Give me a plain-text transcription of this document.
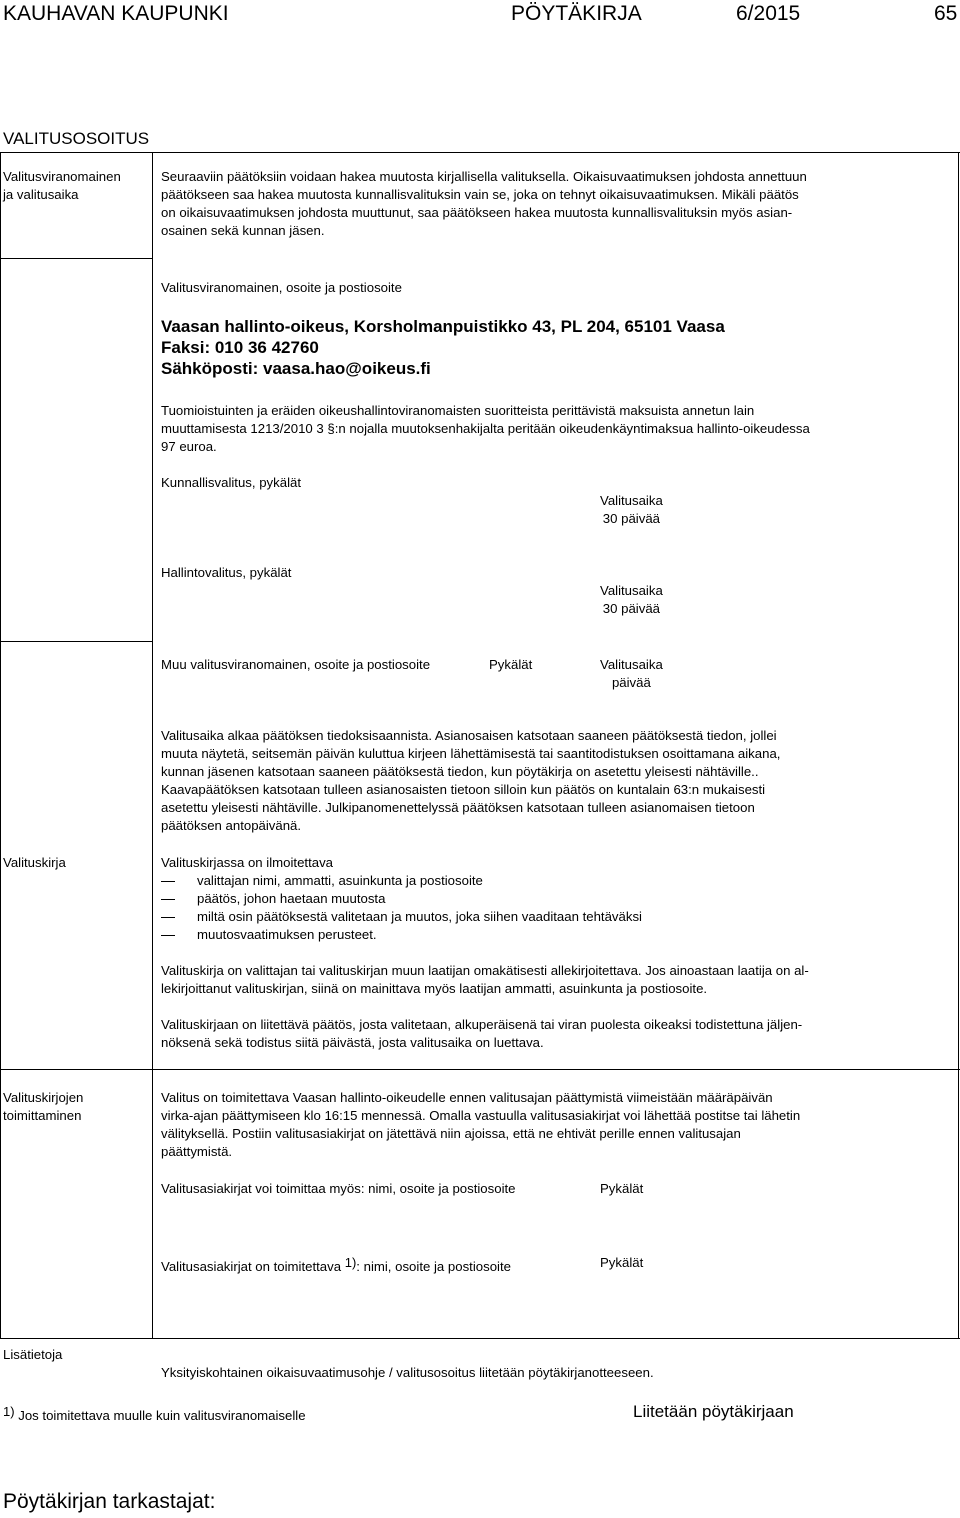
KAUHAVAN KAUPUNKI	PÖYTÄKIRJA	6/2015	65
VALITUSOSOITUS
Valitusviranomainen
ja valitusaika
Seuraaviin päätöksiin voidaan hakea muutosta kirjallisella valituksella. Oikaisuvaatimuksen johdosta annettuun
päätökseen saa hakea muutosta kunnallisvalituksin vain se, joka on tehnyt oikaisuvaatimuksen. Mikäli päätös
on oikaisuvaatimuksen johdosta muuttunut, saa päätökseen hakea muutosta kunnallisvalituksin myös asian-
osainen sekä kunnan jäsen.
Valitusviranomainen, osoite ja postiosoite
Vaasan hallinto-oikeus, Korsholmanpuistikko 43, PL 204, 65101 Vaasa
Faksi: 010 36 42760
Sähköposti: vaasa.hao@oikeus.fi
Tuomioistuinten ja eräiden oikeushallintoviranomaisten suoritteista perittävistä maksuista annetun lain
muuttamisesta 1213/2010 3 §:n nojalla muutoksenhakijalta peritään oikeudenkäyntimaksua hallinto-oikeudessa
97 euroa.
Kunnallisvalitus, pykälät
Valitusaika
30 päivää
Hallintovalitus, pykälät
Valitusaika
30 päivää
Muu valitusviranomainen, osoite ja postiosoite	Pykälät	Valitusaika
päivää
Valitusaika alkaa päätöksen tiedoksisaannista. Asianosaisen katsotaan saaneen päätöksestä tiedon, jollei
muuta näytetä, seitsemän päivän kuluttua kirjeen lähettämisestä tai saantitodistuksen osoittamana aikana,
kunnan jäsenen katsotaan saaneen päätöksestä tiedon, kun pöytäkirja on asetettu yleisesti nähtäville..
Kaavapäätöksen katsotaan tulleen asianosaisten tietoon silloin kun päätös on kuntalain 63:n mukaisesti
asetettu yleisesti nähtäville. Julkipanomenettelyssä päätöksen katsotaan tulleen asianomaisen tietoon
päätöksen antopäivänä.
Valituskirja	Valituskirjassa on ilmoitettava
valittajan nimi, ammatti, asuinkunta ja postiosoite
päätös, johon haetaan muutosta
miltä osin päätöksestä valitetaan ja muutos, joka siihen vaaditaan tehtäväksi
muutosvaatimuksen perusteet.
Valituskirja on valittajan tai valituskirjan muun laatijan omakätisesti allekirjoitettava. Jos ainoastaan laatija on al-
lekirjoittanut valituskirjan, siinä on mainittava myös laatijan ammatti, asuinkunta ja postiosoite.
Valituskirjaan on liitettävä päätös, josta valitetaan, alkuperäisenä tai viran puolesta oikeaksi todistettuna jäljen-
nöksenä sekä todistus siitä päivästä, josta valitusaika on luettava.
Valituskirjojen
toimittaminen
Valitus on toimitettava Vaasan hallinto-oikeudelle ennen valitusajan päättymistä viimeistään määräpäivän
virka-ajan päättymiseen klo 16:15 mennessä. Omalla vastuulla valitusasiakirjat voi lähettää postitse tai lähetin
välityksellä. Postiin valitusasiakirjat on jätettävä niin ajoissa, että ne ehtivät perille ennen valitusajan
päättymistä.
Valitusasiakirjat voi toimittaa myös: nimi, osoite ja postiosoite	Pykälät
Valitusasiakirjat on toimitettava $^{1)}$: nimi, osoite ja postiosoite	Pykälät
Lisätietoja
Yksityiskohtainen oikaisuvaatimusohje / valitusosoitus liitetään pöytäkirjanotteeseen.
$^{1)}$ Jos toimitettava muulle kuin valitusviranomaiselle	Liitetään pöytäkirjaan
Pöytäkirjan tarkastajat:
